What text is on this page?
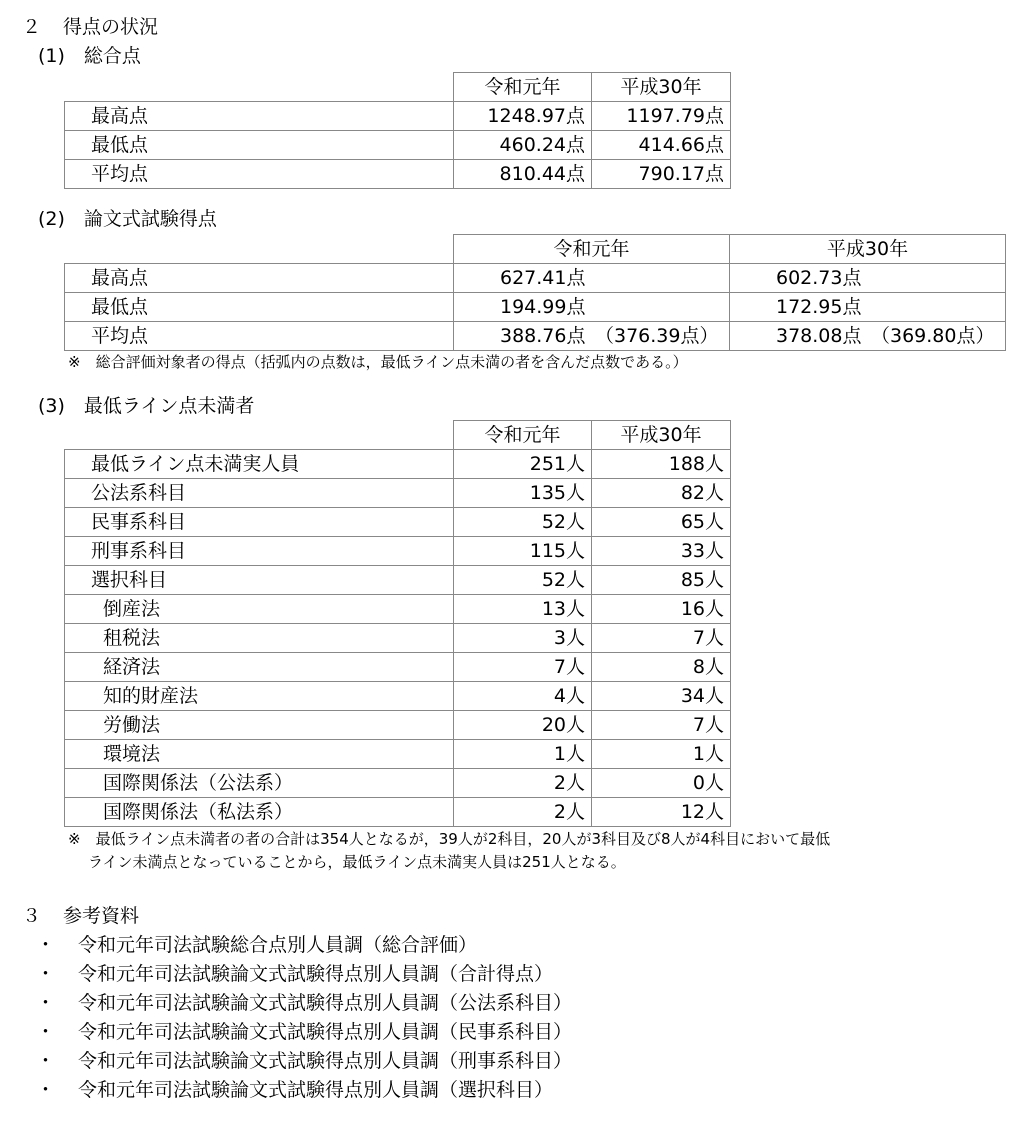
２ 得点の状況
(1)　総合点
	令和元年	平成30年
最高点	1248.97点	1197.79点
最低点	460.24点	414.66点
平均点	810.44点	790.17点
(2)　論文式試験得点
	令和元年	平成30年
最高点	627.41点	602.73点
最低点	194.99点	172.95点
平均点	388.76点　（376.39点）	378.08点　（369.80点）
※　総合評価対象者の得点（括弧内の点数は，最低ライン点未満の者を含んだ点数である。）
(3)　最低ライン点未満者
	令和元年	平成30年
最低ライン点未満実人員	251人	188人
公法系科目	135人	82人
民事系科目	52人	65人
刑事系科目	115人	33人
選択科目	52人	85人
倒産法	13人	16人
租税法	3人	7人
経済法	7人	8人
知的財産法	4人	34人
労働法	20人	7人
環境法	1人	1人
国際関係法（公法系）	2人	0人
国際関係法（私法系）	2人	12人
※　最低ライン点未満者の者の合計は354人となるが，39人が2科目，20人が3科目及び8人が4科目において最低
ライン未満点となっていることから，最低ライン点未満実人員は251人となる。
３ 参考資料
・ 令和元年司法試験総合点別人員調（総合評価）
・ 令和元年司法試験論文式試験得点別人員調（合計得点）
・ 令和元年司法試験論文式試験得点別人員調（公法系科目）
・ 令和元年司法試験論文式試験得点別人員調（民事系科目）
・ 令和元年司法試験論文式試験得点別人員調（刑事系科目）
・ 令和元年司法試験論文式試験得点別人員調（選択科目）
